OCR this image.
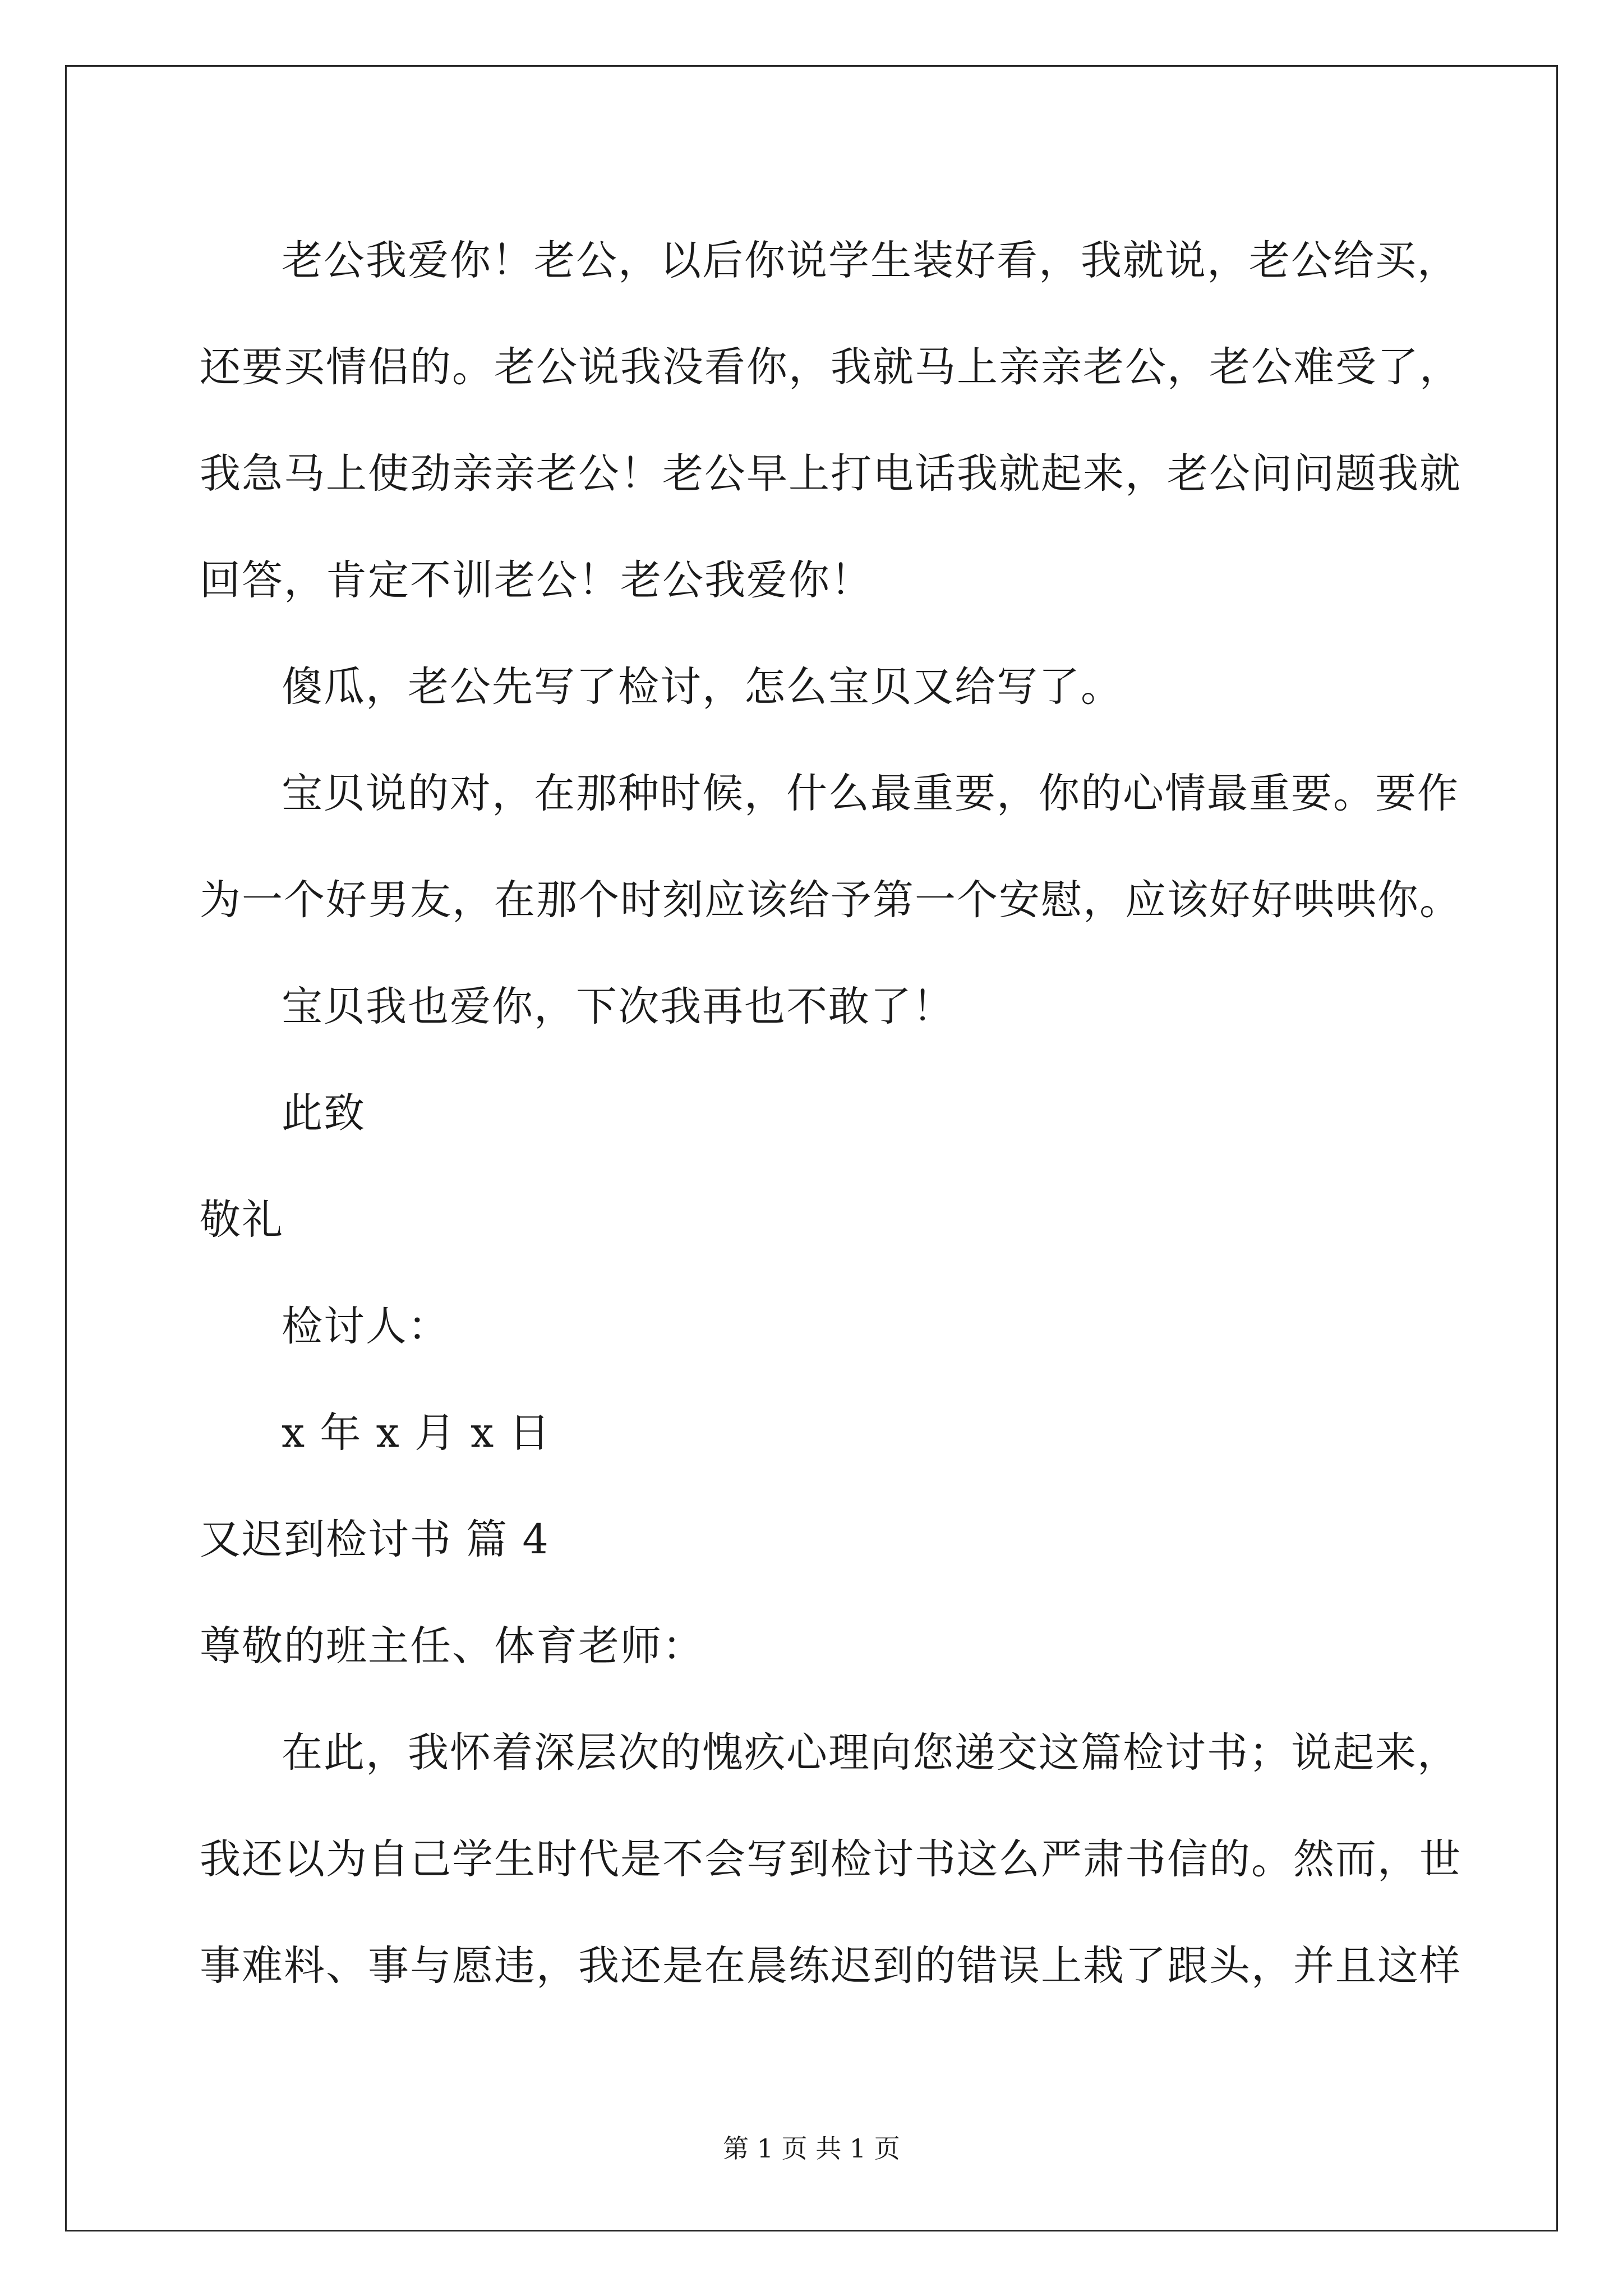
老公我爱你！老公，以后你说学生装好看，我就说，老公给买，
还要买情侣的。老公说我没看你，我就马上亲亲老公，老公难受了，
我急马上使劲亲亲老公！老公早上打电话我就起来，老公问问题我就
回答，肯定不训老公！老公我爱你！
傻瓜，老公先写了检讨，怎么宝贝又给写了。
宝贝说的对，在那种时候，什么最重要，你的心情最重要。要作
为一个好男友，在那个时刻应该给予第一个安慰，应该好好哄哄你。
宝贝我也爱你，下次我再也不敢了！
此致
敬礼
检讨人：
x 年 x 月 x 日
又迟到检讨书 篇 4
尊敬的班主任、体育老师：
在此，我怀着深层次的愧疚心理向您递交这篇检讨书；说起来，
我还以为自己学生时代是不会写到检讨书这么严肃书信的。然而，世
事难料、事与愿违，我还是在晨练迟到的错误上栽了跟头，并且这样
第 1 页 共 1 页
